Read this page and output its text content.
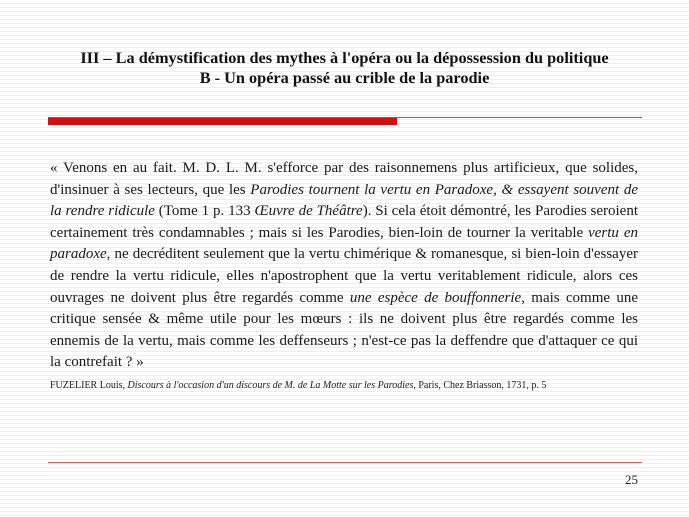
III – La démystification des mythes à l'opéra ou la dépossession du politique
B - Un opéra passé au crible de la parodie

« Venons en au fait. M. D. L. M. s'efforce par des raisonnemens plus artificieux, que solides, d'insinuer à ses lecteurs, que les Parodies tournent la vertu en Paradoxe, & essayent souvent de la rendre ridicule (Tome 1 p. 133 Œuvre de Théâtre). Si cela étoit démontré, les Parodies seroient certainement très condamnables ; mais si les Parodies, bien-loin de tourner la veritable vertu en paradoxe, ne decréditent seulement que la vertu chimérique & romanesque, si bien-loin d'essayer de rendre la vertu ridicule, elles n'apostrophent que la vertu veritablement ridicule, alors ces ouvrages ne doivent plus être regardés comme une espèce de bouffonnerie, mais comme une critique sensée & même utile pour les mœurs : ils ne doivent plus être regardés comme les ennemis de la vertu, mais comme les deffenseurs ; n'est-ce pas la deffendre que d'attaquer ce qui la contrefait ? »

FUZELIER Louis, Discours à l'occasion d'un discours de M. de La Motte sur les Parodies, Paris, Chez Briasson, 1731, p. 5
25
